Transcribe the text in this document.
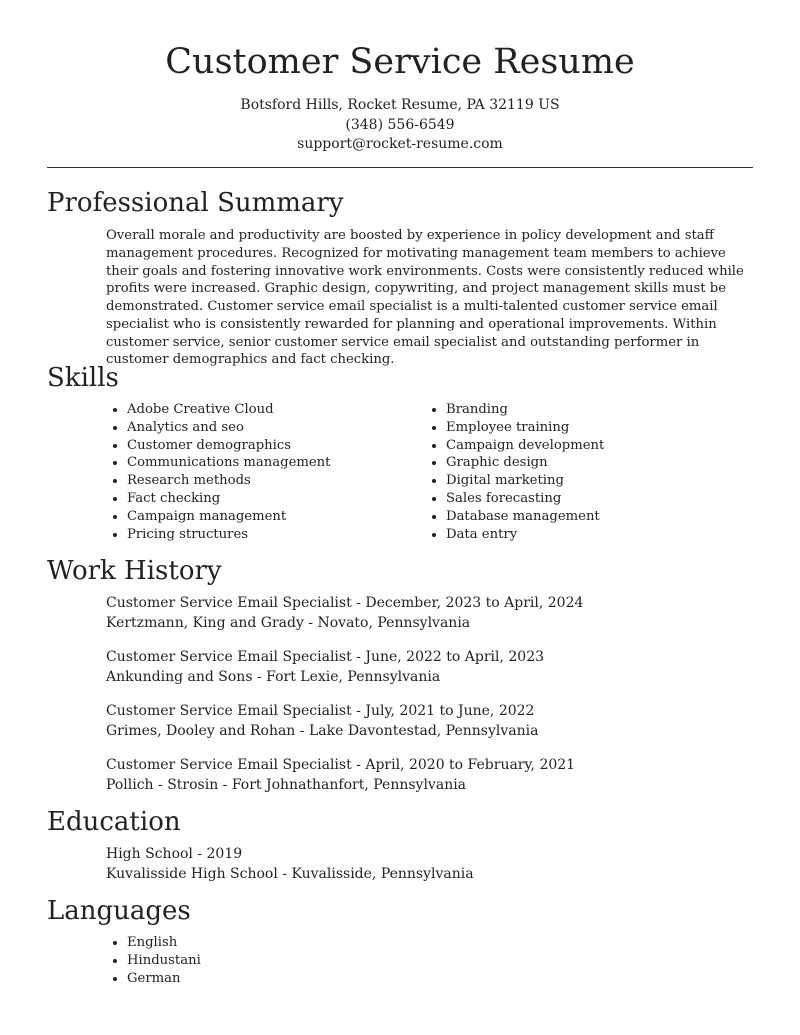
Customer Service Resume
Botsford Hills, Rocket Resume, PA 32119 US
(348) 556-6549
support@rocket-resume.com
Professional Summary

Overall morale and productivity are boosted by experience in policy development and staff management procedures. Recognized for motivating management team members to achieve their goals and fostering innovative work environments. Costs were consistently reduced while profits were increased. Graphic design, copywriting, and project management skills must be demonstrated. Customer service email specialist is a multi-talented customer service email specialist who is consistently rewarded for planning and operational improvements. Within customer service, senior customer service email specialist and outstanding performer in customer demographics and fact checking.

Skills
• Adobe Creative Cloud
• Analytics and seo
• Customer demographics
• Communications management
• Research methods
• Fact checking
• Campaign management
• Pricing structures
• Branding
• Employee training
• Campaign development
• Graphic design
• Digital marketing
• Sales forecasting
• Database management
• Data entry
Work History
Customer Service Email Specialist - December, 2023 to April, 2024
Kertzmann, King and Grady - Novato, Pennsylvania
Customer Service Email Specialist - June, 2022 to April, 2023
Ankunding and Sons - Fort Lexie, Pennsylvania
Customer Service Email Specialist - July, 2021 to June, 2022
Grimes, Dooley and Rohan - Lake Davontestad, Pennsylvania
Customer Service Email Specialist - April, 2020 to February, 2021
Pollich - Strosin - Fort Johnathanfort, Pennsylvania
Education
High School - 2019
Kuvalisside High School - Kuvalisside, Pennsylvania
Languages
• English
• Hindustani
• German
